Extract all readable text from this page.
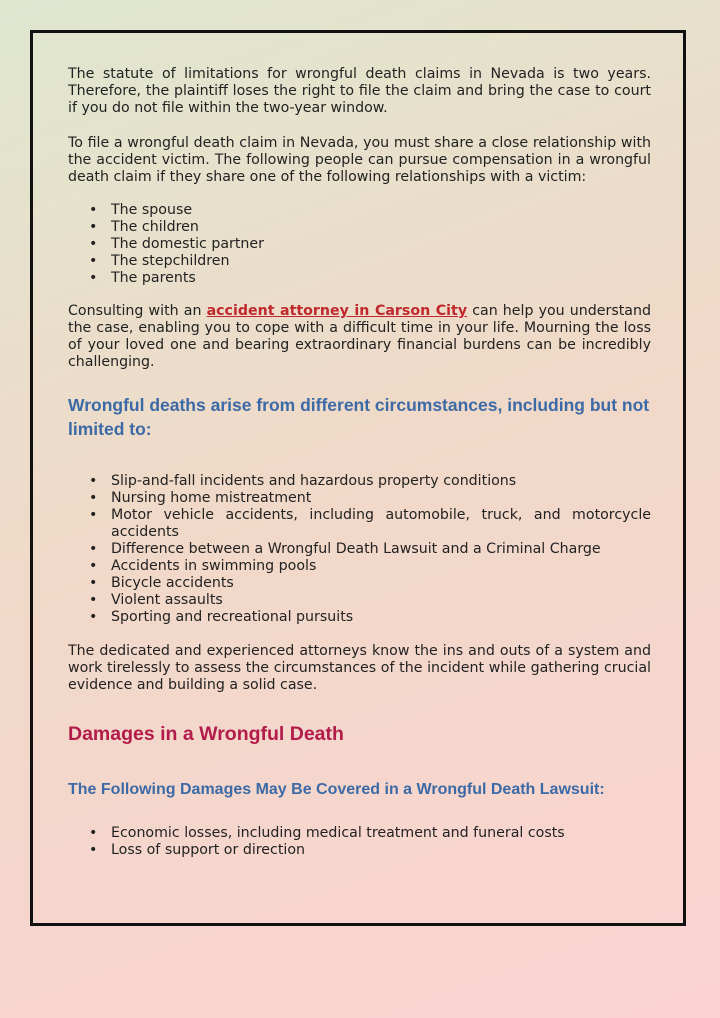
The statute of limitations for wrongful death claims in Nevada is two years. Therefore, the plaintiff loses the right to file the claim and bring the case to court if you do not file within the two-year window.

To file a wrongful death claim in Nevada, you must share a close relationship with the accident victim. The following people can pursue compensation in a wrongful death claim if they share one of the following relationships with a victim:

• The spouse
• The children
• The domestic partner
• The stepchildren
• The parents

Consulting with an accident attorney in Carson City can help you understand the case, enabling you to cope with a difficult time in your life. Mourning the loss of your loved one and bearing extraordinary financial burdens can be incredibly challenging.

Wrongful deaths arise from different circumstances, including but not limited to:
• Slip-and-fall incidents and hazardous property conditions
• Nursing home mistreatment
• Motor vehicle accidents, including automobile, truck, and motorcycle accidents
• Difference between a Wrongful Death Lawsuit and a Criminal Charge
• Accidents in swimming pools
• Bicycle accidents
• Violent assaults
• Sporting and recreational pursuits

The dedicated and experienced attorneys know the ins and outs of a system and work tirelessly to assess the circumstances of the incident while gathering crucial evidence and building a solid case.

Damages in a Wrongful Death
The Following Damages May Be Covered in a Wrongful Death Lawsuit:
• Economic losses, including medical treatment and funeral costs
• Loss of support or direction
